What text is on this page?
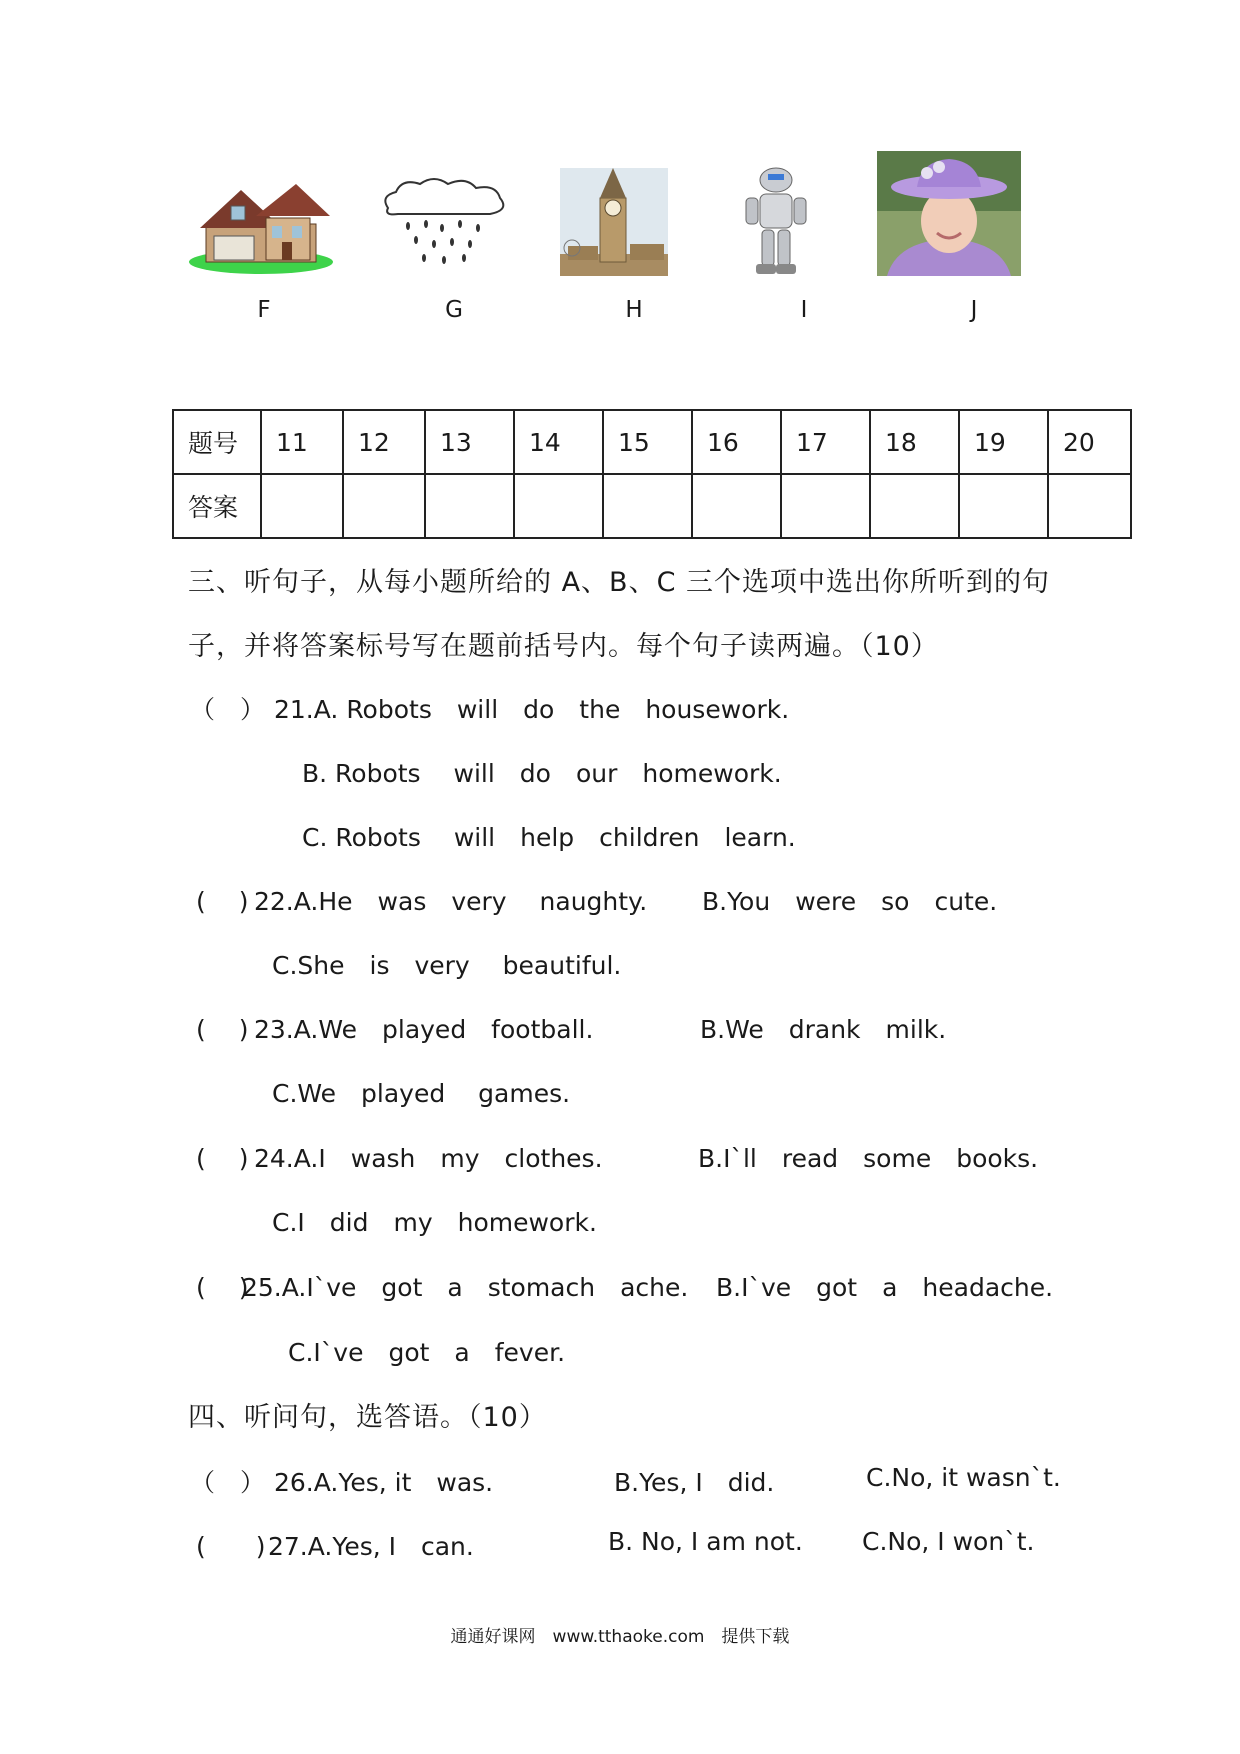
F	G	H	I	J
题号	11	12	13	14	15	16	17	18	19	20
答案										
三、听句子，从每小题所给的 A、B、C 三个选项中选出你所听到的句
子，并将答案标号写在题前括号内。每个句子读两遍。（10）
（　） 21.A. Robots　will　do　the　housework.
B. Robots　 will　do　our　homework.
C. Robots　 will　help　children　learn.
(　 ) 22.A.He　was　very　 naughty. B.You　were　so　cute.
C.She　is　very　 beautiful.
(　 ) 23.A.We　played　football.	B.We　drank　milk.
C.We　played　 games.
(　 ) 24.A.I　wash　my　clothes.	B.I`ll　read　some　books.
C.I　did　my　homework.
(　 )
25.A.I`ve　got　a　stomach　ache. B.I`ve　got　a　headache.
C.I`ve　got　a　fever.
四、听问句，选答语。（10）
（　） 26.A.Yes, it　was.	B.Yes, I　did.	C.No, it wasn`t.
(　　) 27.A.Yes, I　can.	B. No, I am not. C.No, I won`t.
通通好课网　www.tthaoke.com　提供下载
